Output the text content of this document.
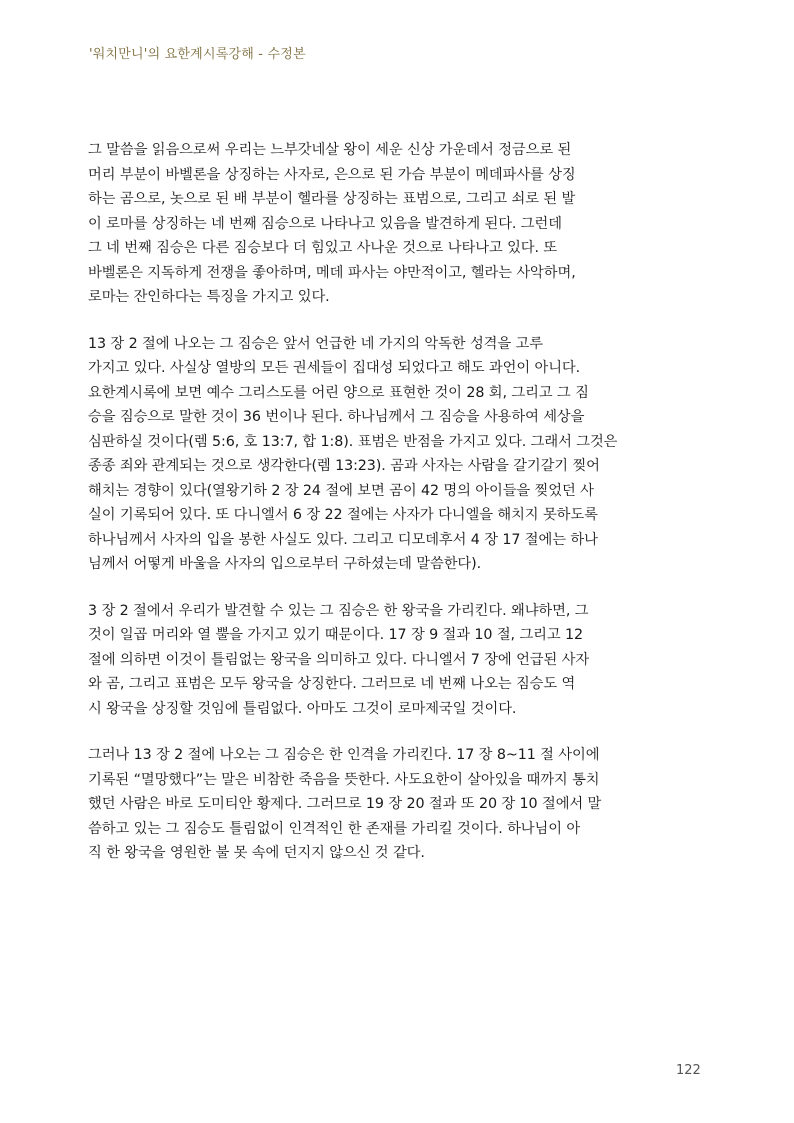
'워치만니'의 요한계시록강해 - 수정본
그 말씀을 읽음으로써 우리는 느부갓네살 왕이 세운 신상 가운데서 정금으로 된
머리 부분이 바벨론을 상징하는 사자로, 은으로 된 가슴 부분이 메데파사를 상징
하는 곰으로, 놋으로 된 배 부분이 헬라를 상징하는 표범으로, 그리고 쇠로 된 발
이 로마를 상징하는 네 번째 짐승으로 나타나고 있음을 발견하게 된다. 그런데
그 네 번째 짐승은 다른 짐승보다 더 힘있고 사나운 것으로 나타나고 있다. 또
바벨론은 지독하게 전쟁을 좋아하며, 메데 파사는 야만적이고, 헬라는 사악하며,
로마는 잔인하다는 특징을 가지고 있다.
13 장 2 절에 나오는 그 짐승은 앞서 언급한 네 가지의 악독한 성격을 고루
가지고 있다. 사실상 열방의 모든 권세들이 집대성 되었다고 해도 과언이 아니다.
요한계시록에 보면 예수 그리스도를 어린 양으로 표현한 것이 28 회, 그리고 그 짐
승을 짐승으로 말한 것이 36 번이나 된다. 하나님께서 그 짐승을 사용하여 세상을
심판하실 것이다(렘 5:6, 호 13:7, 합 1:8). 표범은 반점을 가지고 있다. 그래서 그것은
종종 죄와 관계되는 것으로 생각한다(렘 13:23). 곰과 사자는 사람을 갈기갈기 찢어
해치는 경향이 있다(열왕기하 2 장 24 절에 보면 곰이 42 명의 아이들을 찢었던 사
실이 기록되어 있다. 또 다니엘서 6 장 22 절에는 사자가 다니엘을 해치지 못하도록
하나님께서 사자의 입을 봉한 사실도 있다. 그리고 디모데후서 4 장 17 절에는 하나
님께서 어떻게 바울을 사자의 입으로부터 구하셨는데 말씀한다).
3 장 2 절에서 우리가 발견할 수 있는 그 짐승은 한 왕국을 가리킨다. 왜냐하면, 그
것이 일곱 머리와 열 뿔을 가지고 있기 때문이다. 17 장 9 절과 10 절, 그리고 12
절에 의하면 이것이 틀림없는 왕국을 의미하고 있다. 다니엘서 7 장에 언급된 사자
와 곰, 그리고 표범은 모두 왕국을 상징한다. 그러므로 네 번째 나오는 짐승도 역
시 왕국을 상징할 것임에 틀림없다. 아마도 그것이 로마제국일 것이다.
그러나 13 장 2 절에 나오는 그 짐승은 한 인격을 가리킨다. 17 장 8~11 절 사이에
기록된 “멸망했다”는 말은 비참한 죽음을 뜻한다. 사도요한이 살아있을 때까지 통치
했던 사람은 바로 도미티안 황제다. 그러므로 19 장 20 절과 또 20 장 10 절에서 말
씀하고 있는 그 짐승도 틀림없이 인격적인 한 존재를 가리킬 것이다. 하나님이 아
직 한 왕국을 영원한 불 못 속에 던지지 않으신 것 같다.
122
